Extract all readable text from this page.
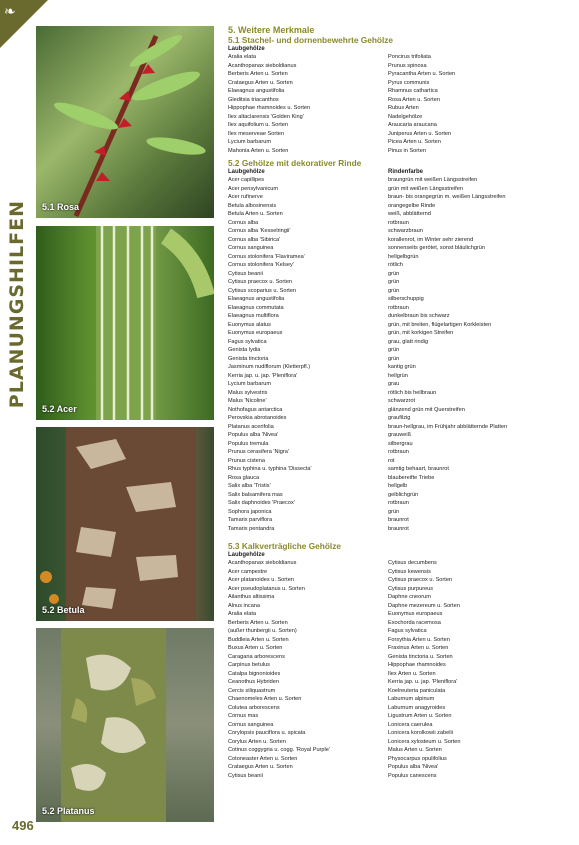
❧
PLANUNGSHILFEN 5.1 Rosa
5.2 Acer
5.2 Betula
5.2 Platanus
496
5. Weitere Merkmale
5.1 Stachel- und dornenbewehrte Gehölze
Laubgehölze
Aralia elata
Acanthopanax sieboldianus
Berberis Arten u. Sorten
Crataegus Arten u. Sorten
Elaeagnus angustifolia
Gleditsia triacanthos
Hippophae rhamnoides u. Sorten
Ilex altaclarensis 'Golden King'
Ilex aquifolium u. Sorten
Ilex meserveae Sorten
Lycium barbarum
Mahonia Arten u. Sorten
Poncirus trifoliata
Prunus spinosa
Pyracantha Arten u. Sorten
Pyrus communis
Rhamnus cathartica
Rosa Arten u. Sorten
Rubus Arten
Nadelgehölze
Araucaria araucana
Juniperus Arten u. Sorten
Picea Arten u. Sorten
Pinus in Sorten
5.2 Gehölze mit dekorativer Rinde
Laubgehölze
Acer capillipes
Acer pensylvanicum
Acer rufinerve
Betula albosinensis
Betula Arten u. Sorten
Cornus alba
Cornus alba 'Kesselringii'
Cornus alba 'Sibirica'
Cornus sanguinea
Cornus stolonifera 'Flaviramea'
Cornus stolonifera 'Kelsey'
Cytisus beanii
Cytisus praecox u. Sorten
Cytisus scoparius u. Sorten
Elaeagnus angustifolia
Elaeagnus commutata
Elaeagnus multiflora
Euonymus alatus
Euonymus europaeus
Fagus sylvatica
Genista lydia
Genista tinctoria
Jasminum nudiflorum (Kletterpfl.)
Kerria jap. u. jap. 'Pleniflora'
Lycium barbarum
Malus sylvestris
Malus 'Nicoline'
Nothofagus antarctica
Perovskia abrotanoides
Platanus acerifolia
Populus alba 'Nivea'
Populus tremula
Prunus cerasifera 'Nigra'
Prunus cistena
Rhus typhina u. typhina 'Dissecta'
Rosa glauca
Salix alba 'Tristis'
Salix balsamifera mas
Salix daphnoides 'Praecox'
Sophora japonica
Tamarix parviflora
Tamarix pentandra
Rindenfarbe
braungrün mit weißen Längsstreifen
grün mit weißen Längsstreifen
braun- bis orangegrün m. weißen Längsstreifen
orangegelbe Rinde
weiß, abblätternd
rotbraun
schwarzbraun
korallenrot, im Winter sehr zierend
sonnenseits gerötet, sonst bläulichgrün
hellgelbgrün
rötlich
grün
grün
grün
silberschuppig
rotbraun
dunkelbraun bis schwarz
grün, mit breiten, flügelartigen Korkleisten
grün, mit korkigen Streifen
grau, glatt rindig
grün
grün
kantig grün
hellgrün
grau
rötlich bis hellbraun
schwarzrot
glänzend grün mit Querstreifen
graufilzig
braun-hellgrau, im Frühjahr abblätternde Platten
grauweiß
silbergrau
rotbraun
rot
samtig behaart, braunrot
blaubereifte Triebe
hellgelb
gelblichgrün
rotbraun
grün
braunrot
braunrot
5.3 Kalkverträgliche Gehölze
Laubgehölze
Acanthopanax sieboldianus
Acer campestre
Acer platanoides u. Sorten
Acer pseudoplatanus u. Sorten
Ailanthus altissima
Alnus incana
Aralia elata
Berberis Arten u. Sorten
(außer thunbergii u. Sorten)
Buddleia Arten u. Sorten
Buxus Arten u. Sorten
Caragana arborescens
Carpinus betulus
Catalpa bignonioides
Ceanothus Hybriden
Cercis siliquastrum
Chaenomeles Arten u. Sorten
Colutea arborescens
Cornus mas
Cornus sanguinea
Corylopsis pauciflora u. spicata
Corylus Arten u. Sorten
Cotinus coggygria u. cogg. 'Royal Purple'
Cotoneaster Arten u. Sorten
Crataegus Arten u. Sorten
Cytisus beanii
Cytisus decumbens
Cytisus kewensis
Cytisus praecox u. Sorten
Cytisus purpureus
Daphne cneorum
Daphne mezereum u. Sorten
Euonymus europaeus
Exochorda racemosa
Fagus sylvatica
Forsythia Arten u. Sorten
Fraxinus Arten u. Sorten
Genista tinctoria u. Sorten
Hippophae rhamnoides
Ilex Arten u. Sorten
Kerria jap. u. jap. 'Pleniflora'
Koelreuteria paniculata
Laburnum alpinum
Laburnum anagyroides
Ligustrum Arten u. Sorten
Lonicera caerulea
Lonicera korolkowii zabelii
Lonicera xylosteum u. Sorten
Malus Arten u. Sorten
Physocarpus opulifolius
Populus alba 'Nivea'
Populus canescens
